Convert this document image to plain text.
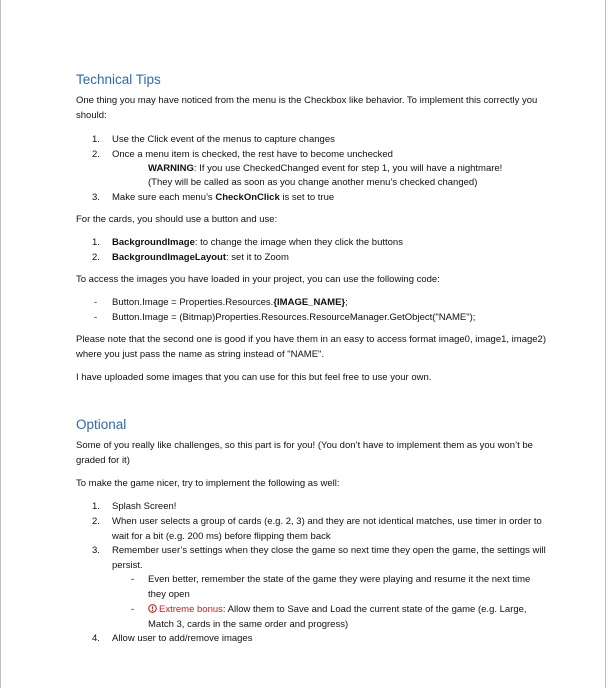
Technical Tips

One thing you may have noticed from the menu is the Checkbox like behavior. To implement this correctly you should:

1.	Use the Click event of the menus to capture changes
2.	Once a menu item is checked, the rest have to become unchecked
WARNING: If you use CheckedChanged event for step 1, you will have a nightmare!
(They will be called as soon as you change another menu’s checked changed)
3.	Make sure each menu’s CheckOnClick is set to true

For the cards, you should use a button and use:

1.	BackgroundImage: to change the image when they click the buttons
2.	BackgroundImageLayout: set it to Zoom

To access the images you have loaded in your project, you can use the following code:

-	Button.Image = Properties.Resources.{IMAGE_NAME};
-	Button.Image = (Bitmap)Properties.Resources.ResourceManager.GetObject("NAME");

Please note that the second one is good if you have them in an easy to access format image0, image1, image2) where you just pass the name as string instead of "NAME".

I have uploaded some images that you can use for this but feel free to use your own.

Optional

Some of you really like challenges, so this part is for you! (You don’t have to implement them as you won’t be graded for it)

To make the game nicer, try to implement the following as well:

1.	Splash Screen!
2.	When user selects a group of cards (e.g. 2, 3) and they are not identical matches, use timer in order to wait for a bit (e.g. 200 ms) before flipping them back
3.	Remember user’s settings when they close the game so next time they open the game, the settings will persist.
-	Even better, remember the state of the game they were playing and resume it the next time they open
-	Extreme bonus: Allow them to Save and Load the current state of the game (e.g. Large, Match 3, cards in the same order and progress)
4.	Allow user to add/remove images
